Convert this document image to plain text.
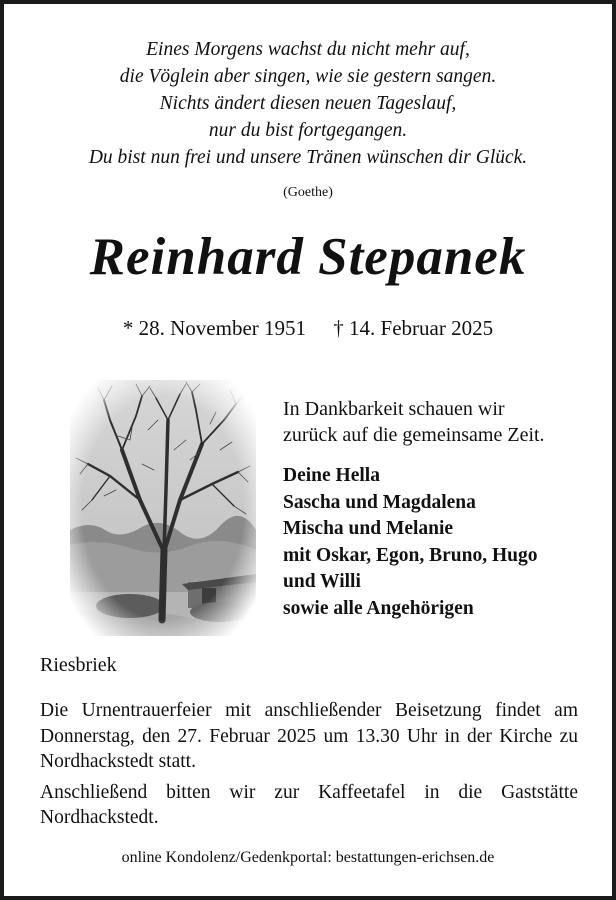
Eines Morgens wachst du nicht mehr auf,
die Vöglein aber singen, wie sie gestern sangen.
Nichts ändert diesen neuen Tageslauf,
nur du bist fortgegangen.
Du bist nun frei und unsere Tränen wünschen dir Glück.
(Goethe)
Reinhard Stepanek
* 28. November 1951 † 14. Februar 2025
In Dankbarkeit schauen wir
zurück auf die gemeinsame Zeit.
Deine Hella
Sascha und Magdalena
Mischa und Melanie
mit Oskar, Egon, Bruno, Hugo
und Willi
sowie alle Angehörigen
Riesbriek

Die Urnentrauerfeier mit anschließender Beisetzung findet am Donnerstag, den 27. Februar 2025 um 13.30 Uhr in der Kirche zu Nordhackstedt statt.

Anschließend bitten wir zur Kaffeetafel in die Gaststätte Nordhackstedt.

online Kondolenz/Gedenkportal: bestattungen-erichsen.de
